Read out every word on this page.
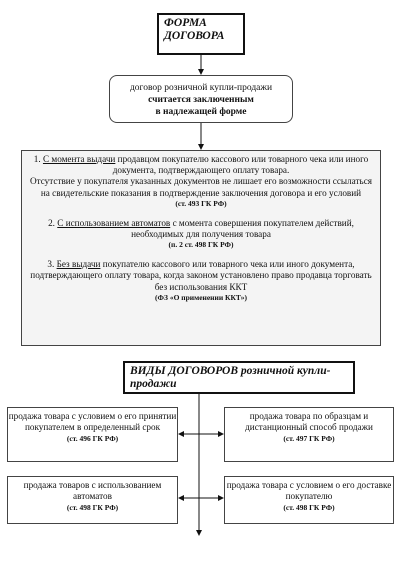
ФОРМА ДОГОВОРА
договор розничной купли-продажи
считается заключенным
в надлежащей форме

1. С момента выдачи продавцом покупателю кассового или товарного чека или иного документа, подтверждающего оплату товара.

Отсутствие у покупателя указанных документов не лишает его возможности ссылаться на свидетельские показания в подтверждение заключения договора и его условий

(ст. 493 ГК РФ)

2. С использованием автоматов с момента совершения покупателем действий, необходимых для получения товара

(п. 2 ст. 498 ГК РФ)

3. Без выдачи покупателю кассового или товарного чека или иного документа, подтверждающего оплату товара, когда законом установлено право продавца торговать без использования ККТ

(ФЗ «О применении ККТ»)

ВИДЫ ДОГОВОРОВ розничной купли-продажи
продажа товара с условием о его принятии покупателем в определенный срок
(ст. 496 ГК РФ)
продажа товара по образцам и дистанционный способ продажи
(ст. 497 ГК РФ)
продажа товаров с использованием автоматов
(ст. 498 ГК РФ)
продажа товара с условием о его доставке покупателю
(ст. 498 ГК РФ)
